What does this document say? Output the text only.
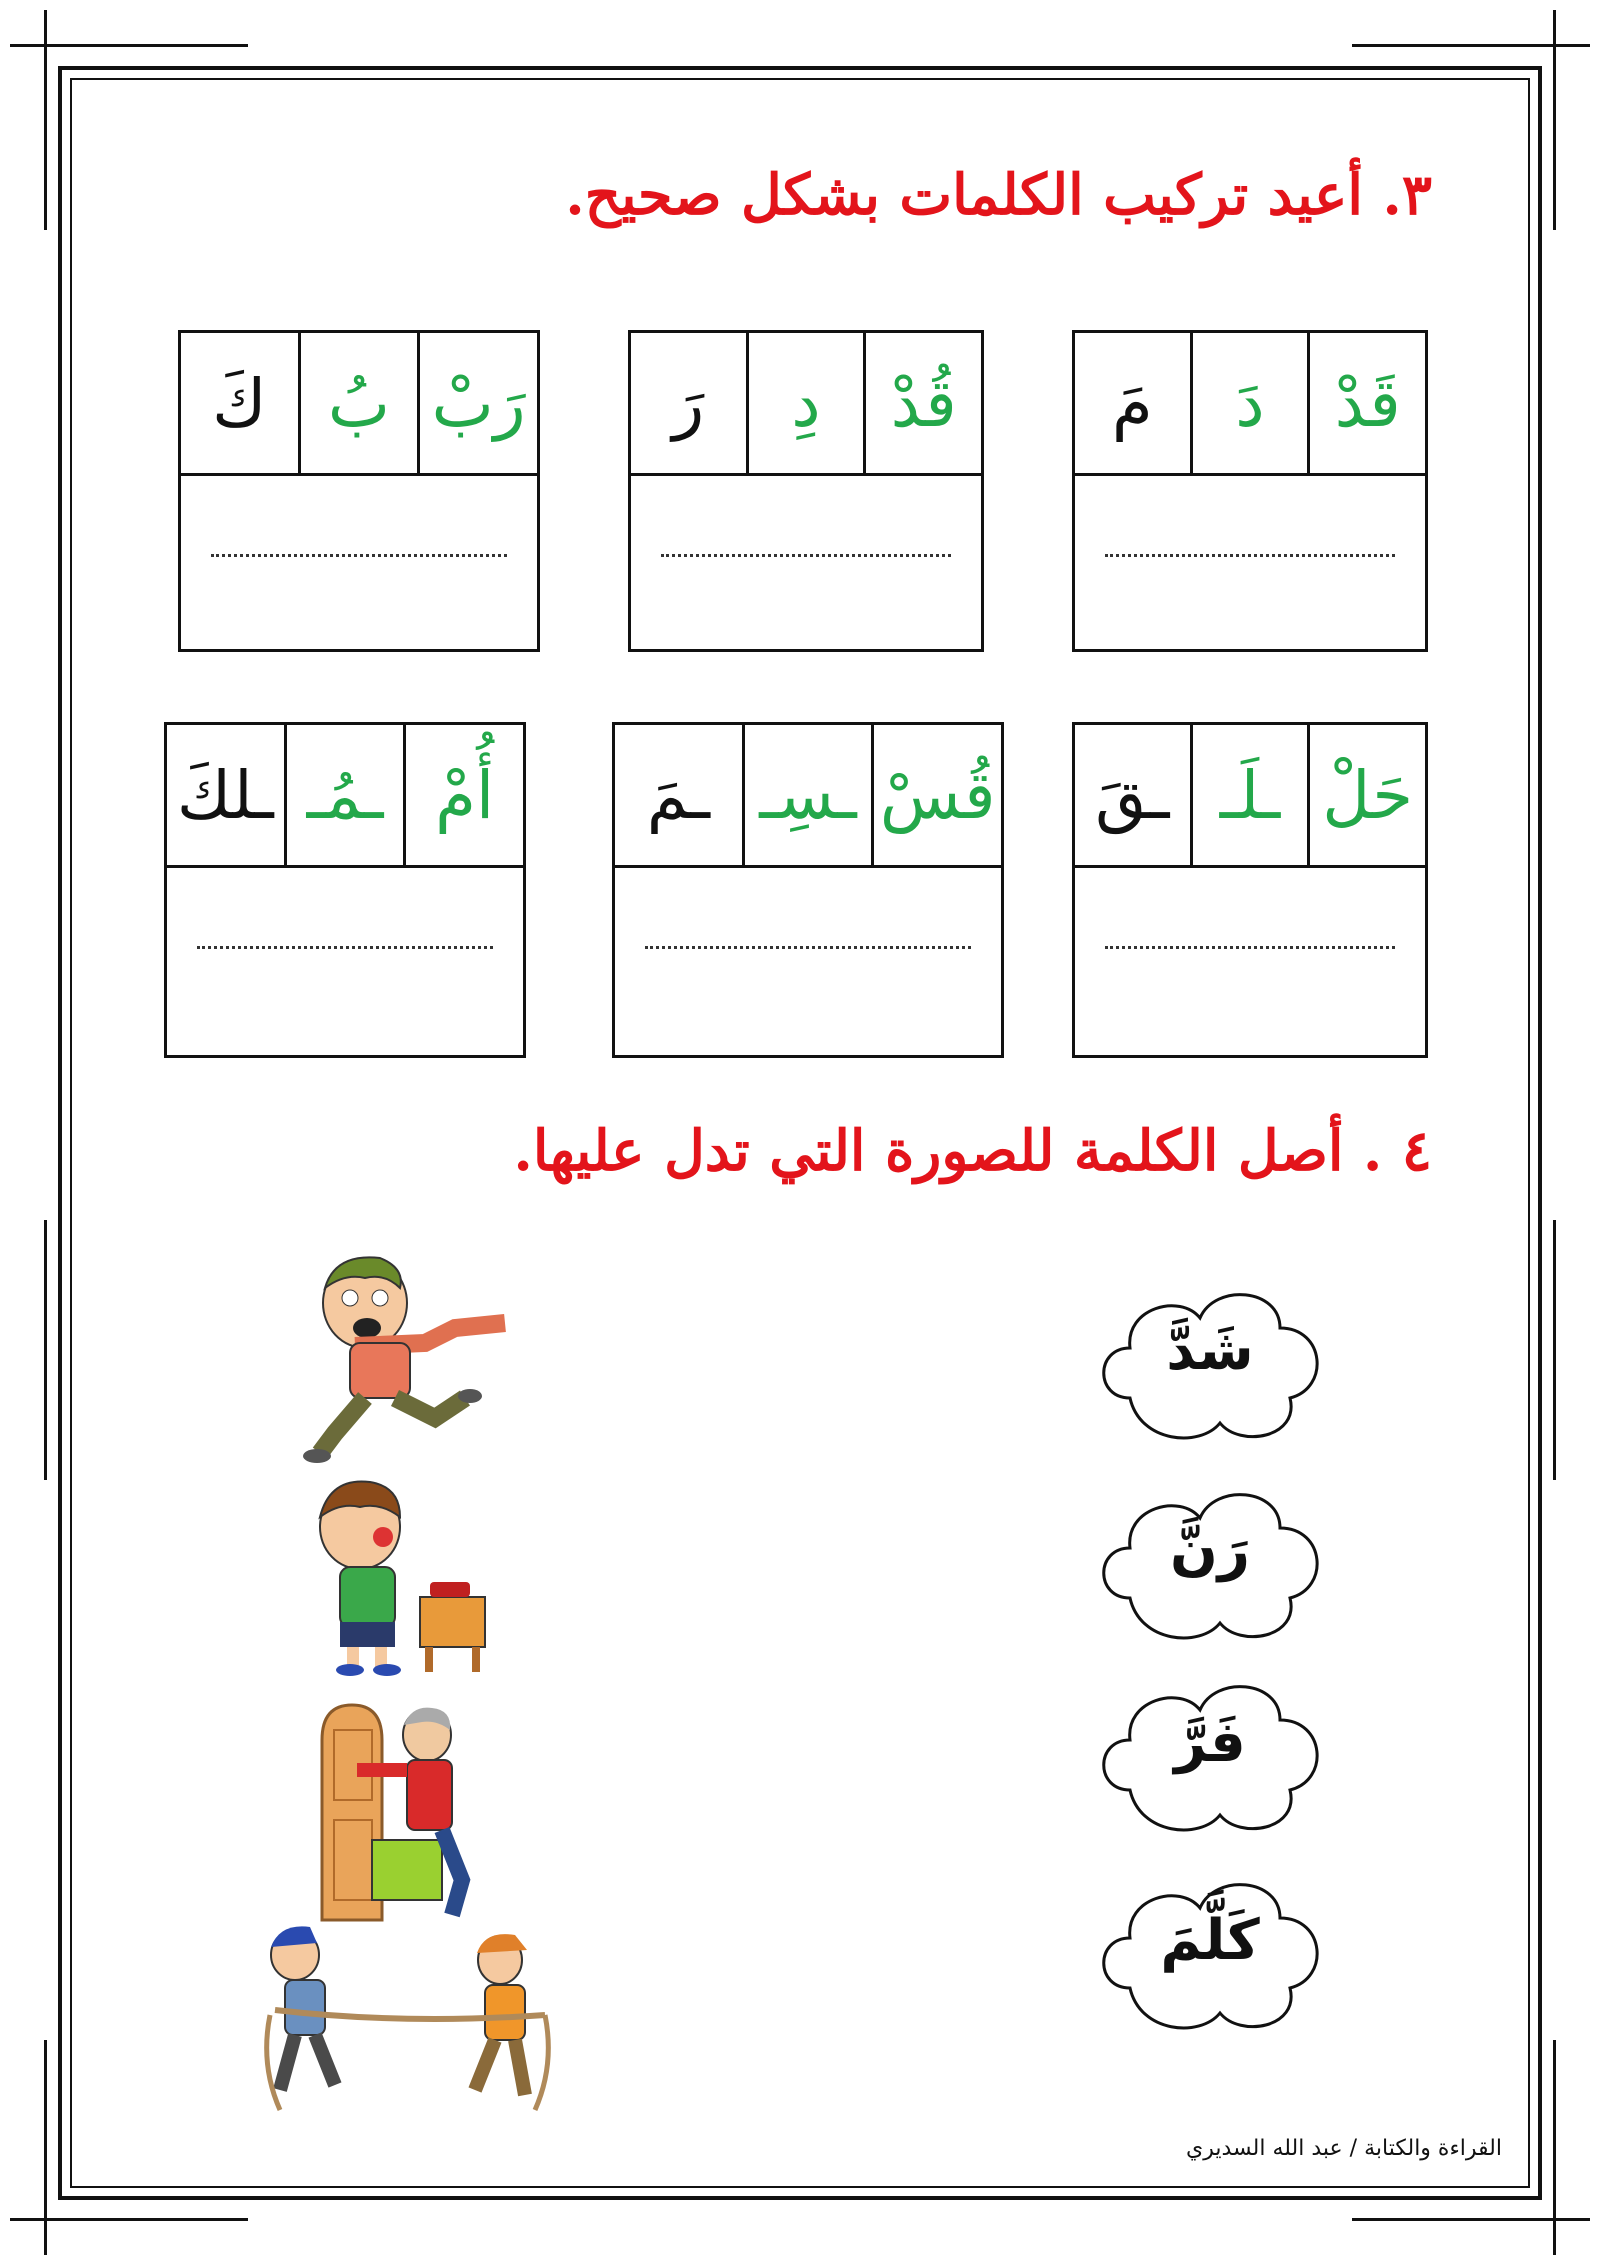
٣. أعيد تركيب الكلمات بشكل صحيح.
قَدْ
دَ
مَ
قُدْ
دِ
رَ
رَبْ
بُ
كَ
حَلْ
ـلَـ
ـقَ
قُسْ
ـسِـ
ـمَ
أُمْ
ـمُـ
ـلكَ
٤ . أصل الكلمة للصورة التي تدل عليها.
شَدَّ
رَنَّ
فَرَّ
كَلَّمَ
القراءة والكتابة / عبد الله السديري
